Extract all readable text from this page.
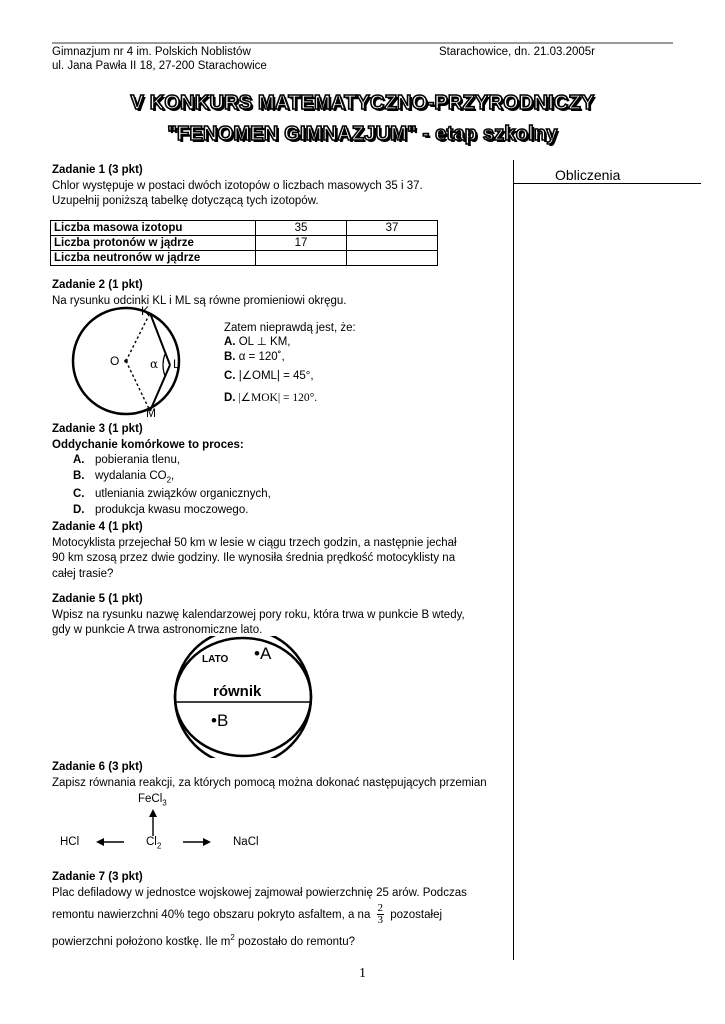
Gimnazjum nr 4 im. Polskich Noblistów
ul. Jana Pawła II 18, 27-200 Starachowice
Starachowice, dn. 21.03.2005r
V KONKURS MATEMATYCZNO-PRZYRODNICZY
"FENOMEN GIMNAZJUM" - etap szkolny
Obliczenia
Zadanie 1 (3 pkt)
Chlor występuje w postaci dwóch izotopów o liczbach masowych 35 i 37.
Uzupełnij poniższą tabelkę dotyczącą tych izotopów.
Liczba masowa izotopu	35	37
Liczba protonów w jądrze	17	
Liczba neutronów w jądrze		
Zadanie 2 (1 pkt)
Na rysunku odcinki KL i ML są równe promieniowi okręgu.
K
O	α L
M
Zatem nieprawdą jest, że:
A. OL ⊥ KM,
B. α = 120˚,
C. |∠OML| = 45°,
D. |∠MOK| = 120°.
Zadanie 3 (1 pkt)
Oddychanie komórkowe to proces:
A. pobierania tlenu,
B. wydalania $CO_2$,
C. utleniania związków organicznych,
D. produkcja kwasu moczowego.
Zadanie 4 (1 pkt)
Motocyklista przejechał 50 km w lesie w ciągu trzech godzin, a następnie jechał
90 km szosą przez dwie godziny. Ile wynosiła średnia prędkość motocyklisty na
całej trasie?
Zadanie 5 (1 pkt)
Wpisz na rysunku nazwę kalendarzowej pory roku, która trwa w punkcie B wtedy,
gdy w punkcie A trwa astronomiczne lato.
LATO •A
równik
•B
Zadanie 6 (3 pkt)
Zapisz równania reakcji, za których pomocą można dokonać następujących przemian
FeCl$_3$
HCl	$Cl_2$	NaCl
Zadanie 7 (3 pkt)
Plac defiladowy w jednostce wojskowej zajmował powierzchnię 25 arów. Podczas
remontu nawierzchni 40% tego obszaru pokryto asfaltem, a na $\frac{2}{3}$ pozostałej
powierzchni położono kostkę. Ile $m^2$ pozostało do remontu?
1
